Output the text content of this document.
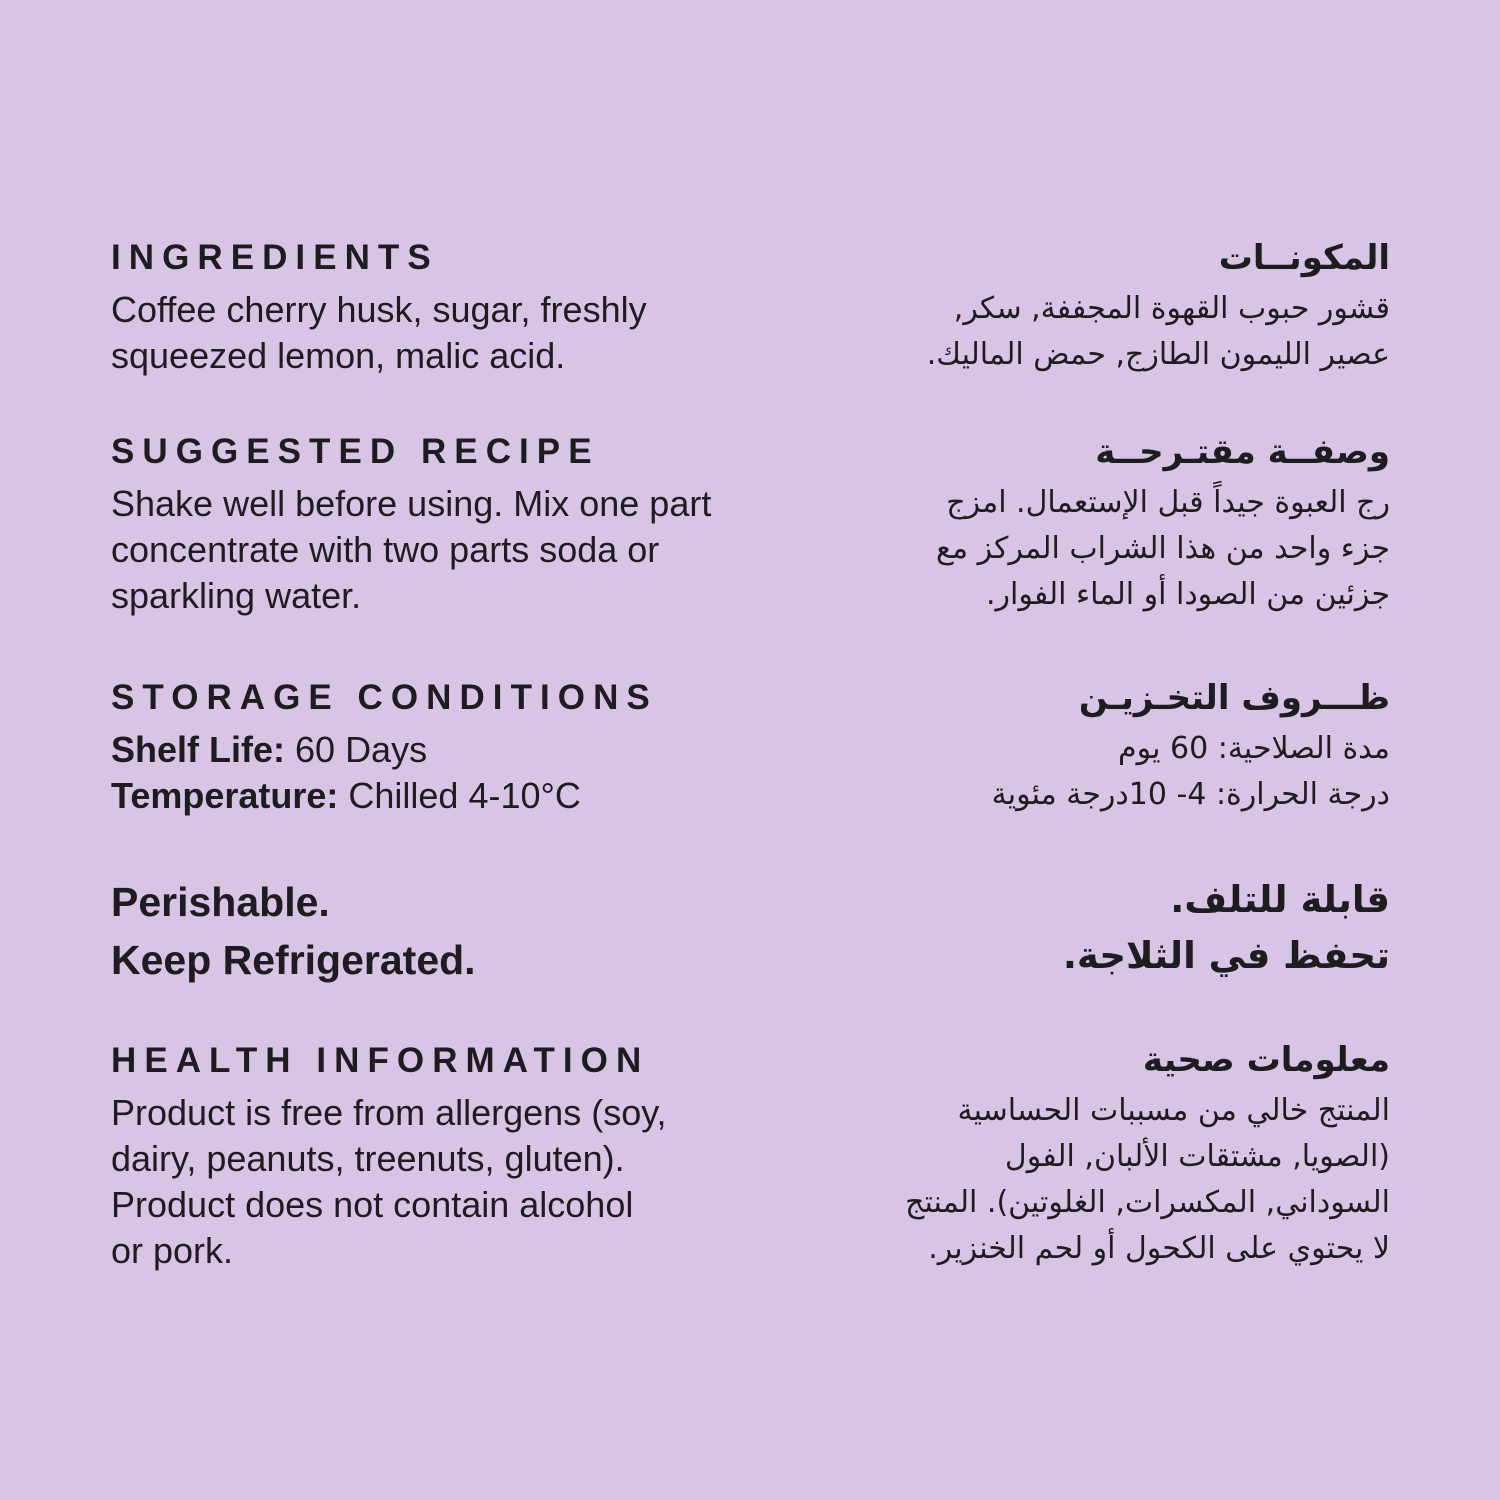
INGREDIENTS

Coffee cherry husk, sugar, freshly
squeezed lemon, malic acid.

SUGGESTED RECIPE

Shake well before using. Mix one part
concentrate with two parts soda or
sparkling water.

STORAGE CONDITIONS

Shelf Life: 60 Days
Temperature: Chilled 4-10°C

Perishable.
Keep Refrigerated.

HEALTH INFORMATION

Product is free from allergens (soy,
dairy, peanuts, treenuts, gluten).
Product does not contain alcohol
or pork.

المكونــات

قشور حبوب القهوة المجففة, سكر,
عصير الليمون الطازج, حمض الماليك.

وصفــة مقتـرحــة

رج العبوة جيداً قبل الإستعمال. امزج
جزء واحد من هذا الشراب المركز مع
جزئين من الصودا أو الماء الفوار.

ظـــروف التخـزيـن

مدة الصلاحية: 60 يوم
درجة الحرارة: 4- 10درجة مئوية

قابلة للتلف.
تحفظ في الثلاجة.

معلومات صحية

المنتج خالي من مسببات الحساسية
(الصويا, مشتقات الألبان, الفول
السوداني, المكسرات, الغلوتين). المنتج
لا يحتوي على الكحول أو لحم الخنزير.
